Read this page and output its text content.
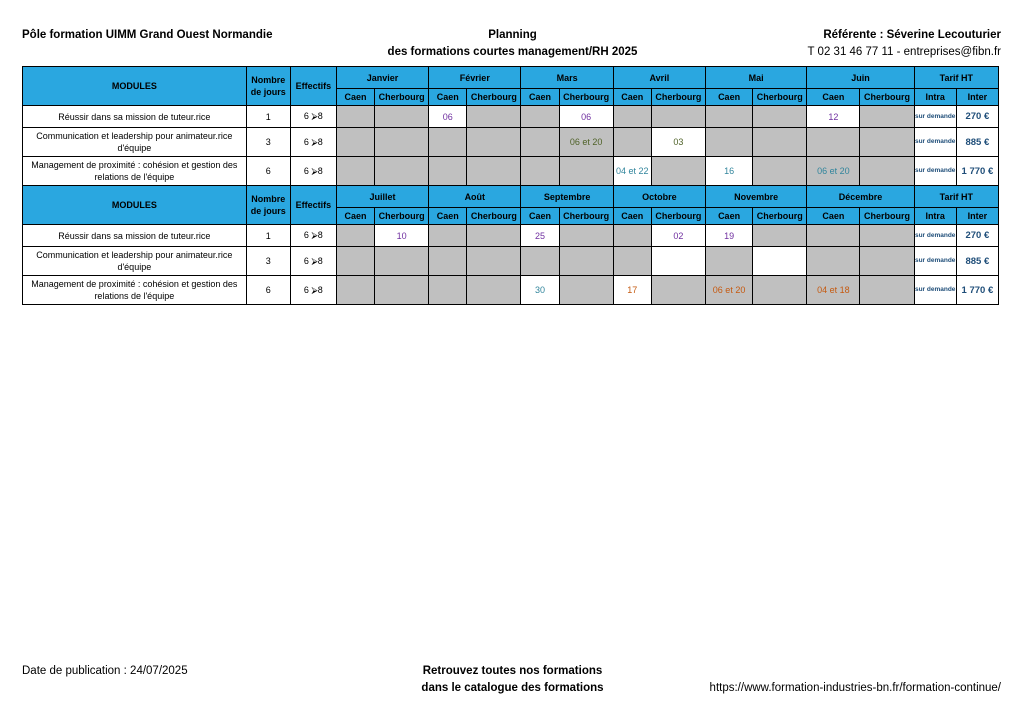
Pôle formation UIMM Grand Ouest Normandie	Planning
des formations courtes management/RH 2025
Référente : Séverine Lecouturier
T 02 31 46 77 11 - entreprises@fibn.fr
MODULES	Nombre de jours	Effectifs	Janvier		Février		Mars		Avril		Mai		Juin		Tarif HT	
			Caen	Cherbourg	Caen	Cherbourg	Caen	Cherbourg	Caen	Cherbourg	Caen	Cherbourg	Caen	Cherbourg	Intra	Inter
Réussir dans sa mission de tuteur.rice	1	6 ⮚8			06			06					12		sur demande	270 €
Communication et leadership pour animateur.rice d'équipe	3	6 ⮚8						06 et 20		03					sur demande	885 €
Management de proximité : cohésion et gestion des relations de l'équipe	6	6 ⮚8							04 et 22		16		06 et 20		sur demande	1 770 €
MODULES	Nombre de jours	Effectifs	Juillet		Août		Septembre		Octobre		Novembre		Décembre		Tarif HT	
			Caen	Cherbourg	Caen	Cherbourg	Caen	Cherbourg	Caen	Cherbourg	Caen	Cherbourg	Caen	Cherbourg	Intra	Inter
Réussir dans sa mission de tuteur.rice	1	6 ⮚8		10			25			02	19				sur demande	270 €
Communication et leadership pour animateur.rice d'équipe	3	6 ⮚8													sur demande	885 €
Management de proximité : cohésion et gestion des relations de l'équipe	6	6 ⮚8					30		17		06 et 20		04 et 18		sur demande	1 770 €
Date de publication : 24/07/2025	Retrouvez toutes nos formations
dans le catalogue des formations	https://www.formation-industries-bn.fr/formation-continue/
